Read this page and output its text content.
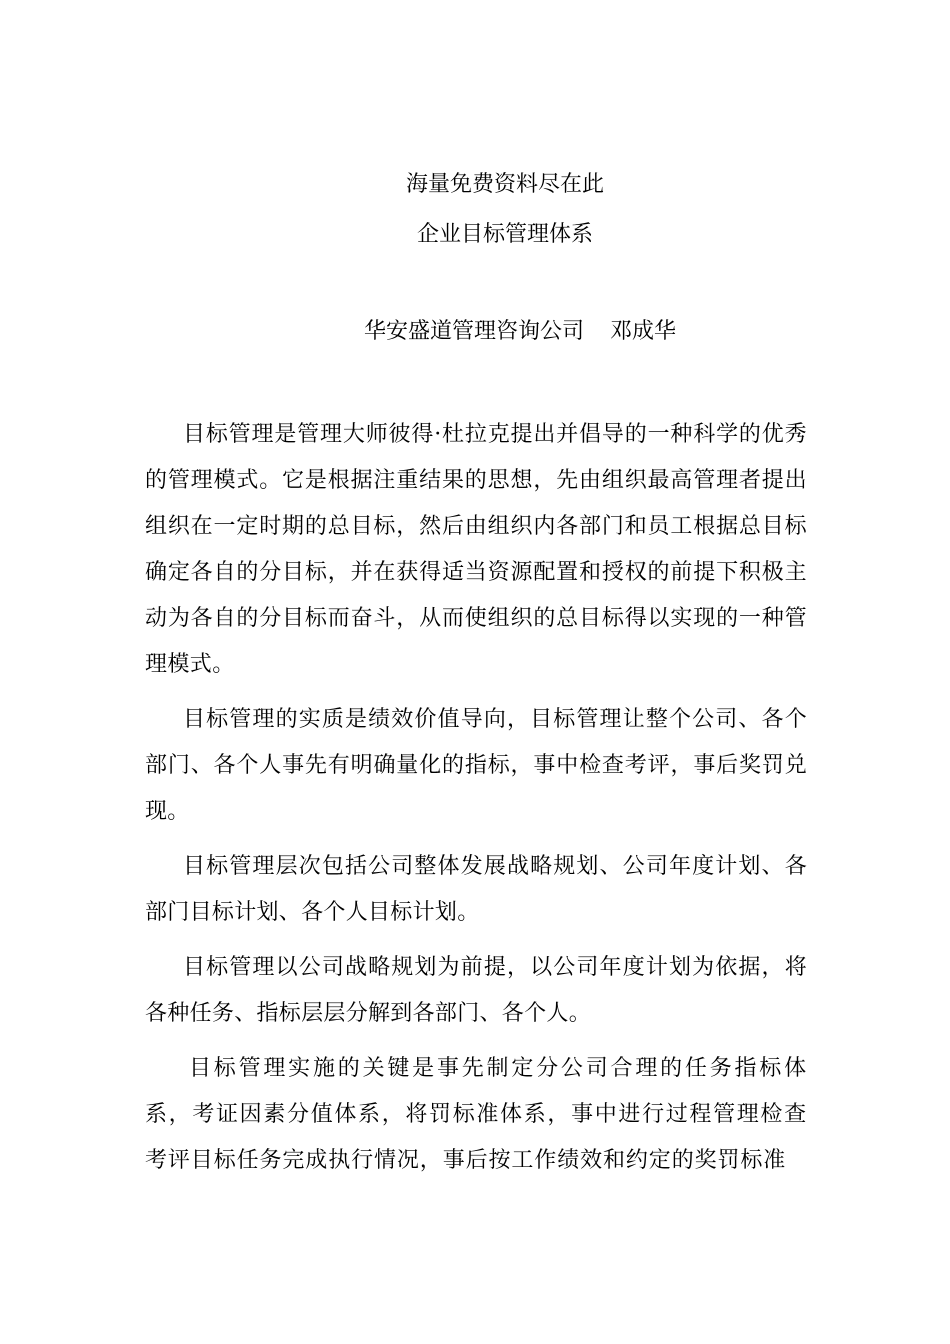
海量免费资料尽在此
企业目标管理体系
华安盛道管理咨询公司 邓成华

目标管理是管理大师彼得·杜拉克提出并倡导的一种科学的优秀的管理模式。它是根据注重结果的思想，先由组织最高管理者提出组织在一定时期的总目标，然后由组织内各部门和员工根据总目标确定各自的分目标，并在获得适当资源配置和授权的前提下积极主动为各自的分目标而奋斗，从而使组织的总目标得以实现的一种管理模式。

目标管理的实质是绩效价值导向，目标管理让整个公司、各个部门、各个人事先有明确量化的指标，事中检查考评，事后奖罚兑现。

目标管理层次包括公司整体发展战略规划、公司年度计划、各部门目标计划、各个人目标计划。

目标管理以公司战略规划为前提，以公司年度计划为依据，将各种任务、指标层层分解到各部门、各个人。

目标管理实施的关键是事先制定分公司合理的任务指标体系，考证因素分值体系，将罚标准体系，事中进行过程管理检查考评目标任务完成执行情况，事后按工作绩效和约定的奖罚标准
